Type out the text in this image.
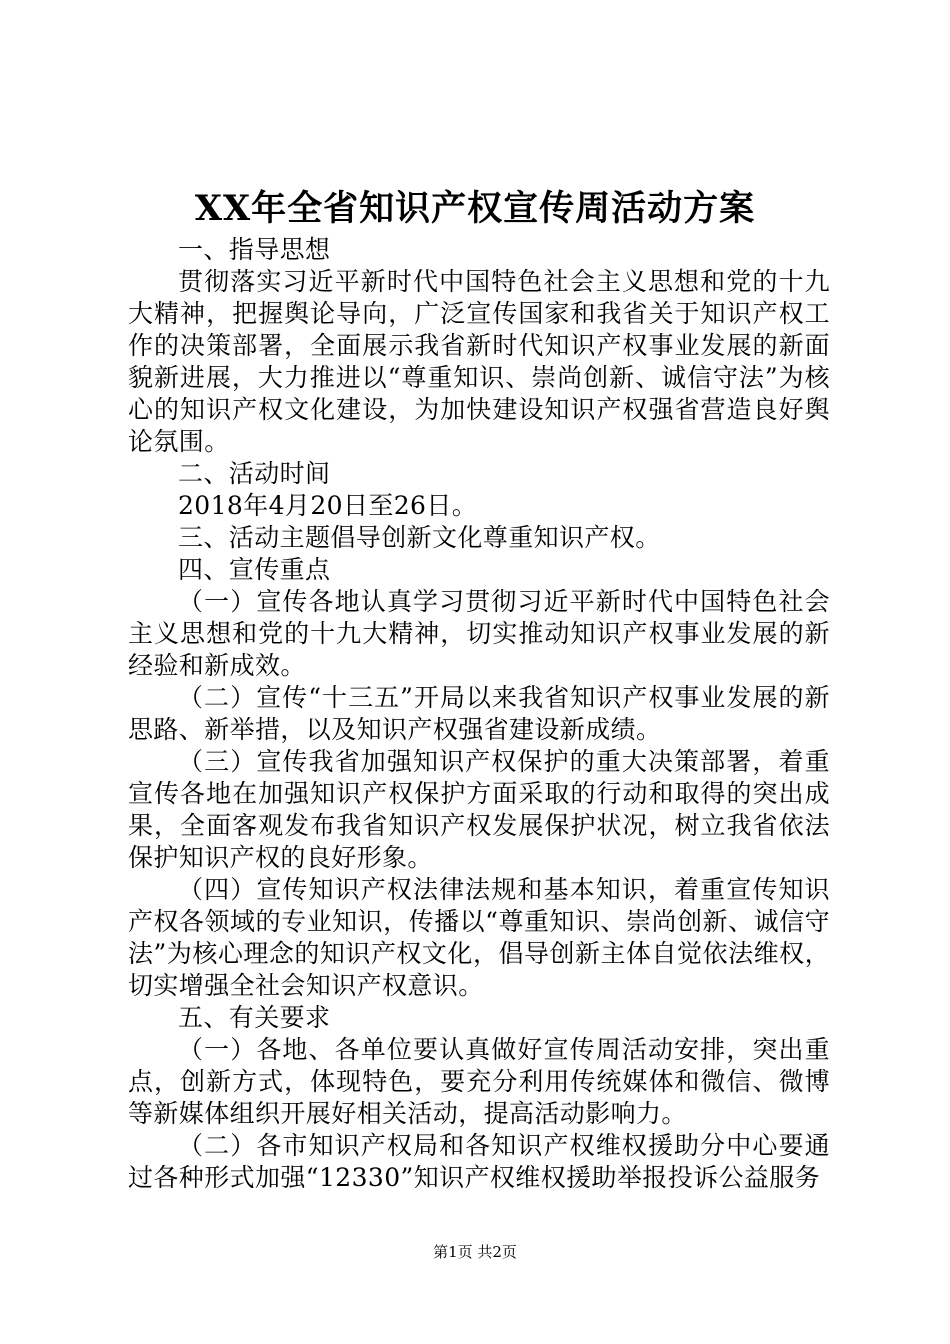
XX年全省知识产权宣传周活动方案

一、指导思想

贯彻落实习近平新时代中国特色社会主义思想和党的十九大精神，把握舆论导向，广泛宣传国家和我省关于知识产权工作的决策部署，全面展示我省新时代知识产权事业发展的新面貌新进展，大力推进以“尊重知识、崇尚创新、诚信守法”为核心的知识产权文化建设，为加快建设知识产权强省营造良好舆论氛围。

二、活动时间

2018年4月20日至26日。

三、活动主题倡导创新文化尊重知识产权。

四、宣传重点

（一）宣传各地认真学习贯彻习近平新时代中国特色社会主义思想和党的十九大精神，切实推动知识产权事业发展的新经验和新成效。

（二）宣传“十三五”开局以来我省知识产权事业发展的新思路、新举措，以及知识产权强省建设新成绩。

（三）宣传我省加强知识产权保护的重大决策部署，着重宣传各地在加强知识产权保护方面采取的行动和取得的突出成果，全面客观发布我省知识产权发展保护状况，树立我省依法保护知识产权的良好形象。

（四）宣传知识产权法律法规和基本知识，着重宣传知识产权各领域的专业知识，传播以“尊重知识、崇尚创新、诚信守法”为核心理念的知识产权文化，倡导创新主体自觉依法维权，切实增强全社会知识产权意识。

五、有关要求

（一）各地、各单位要认真做好宣传周活动安排，突出重点，创新方式，体现特色，要充分利用传统媒体和微信、微博等新媒体组织开展好相关活动，提高活动影响力。

（二）各市知识产权局和各知识产权维权援助分中心要通过各种形式加强“12330”知识产权维权援助举报投诉公益服务

第1页 共2页
